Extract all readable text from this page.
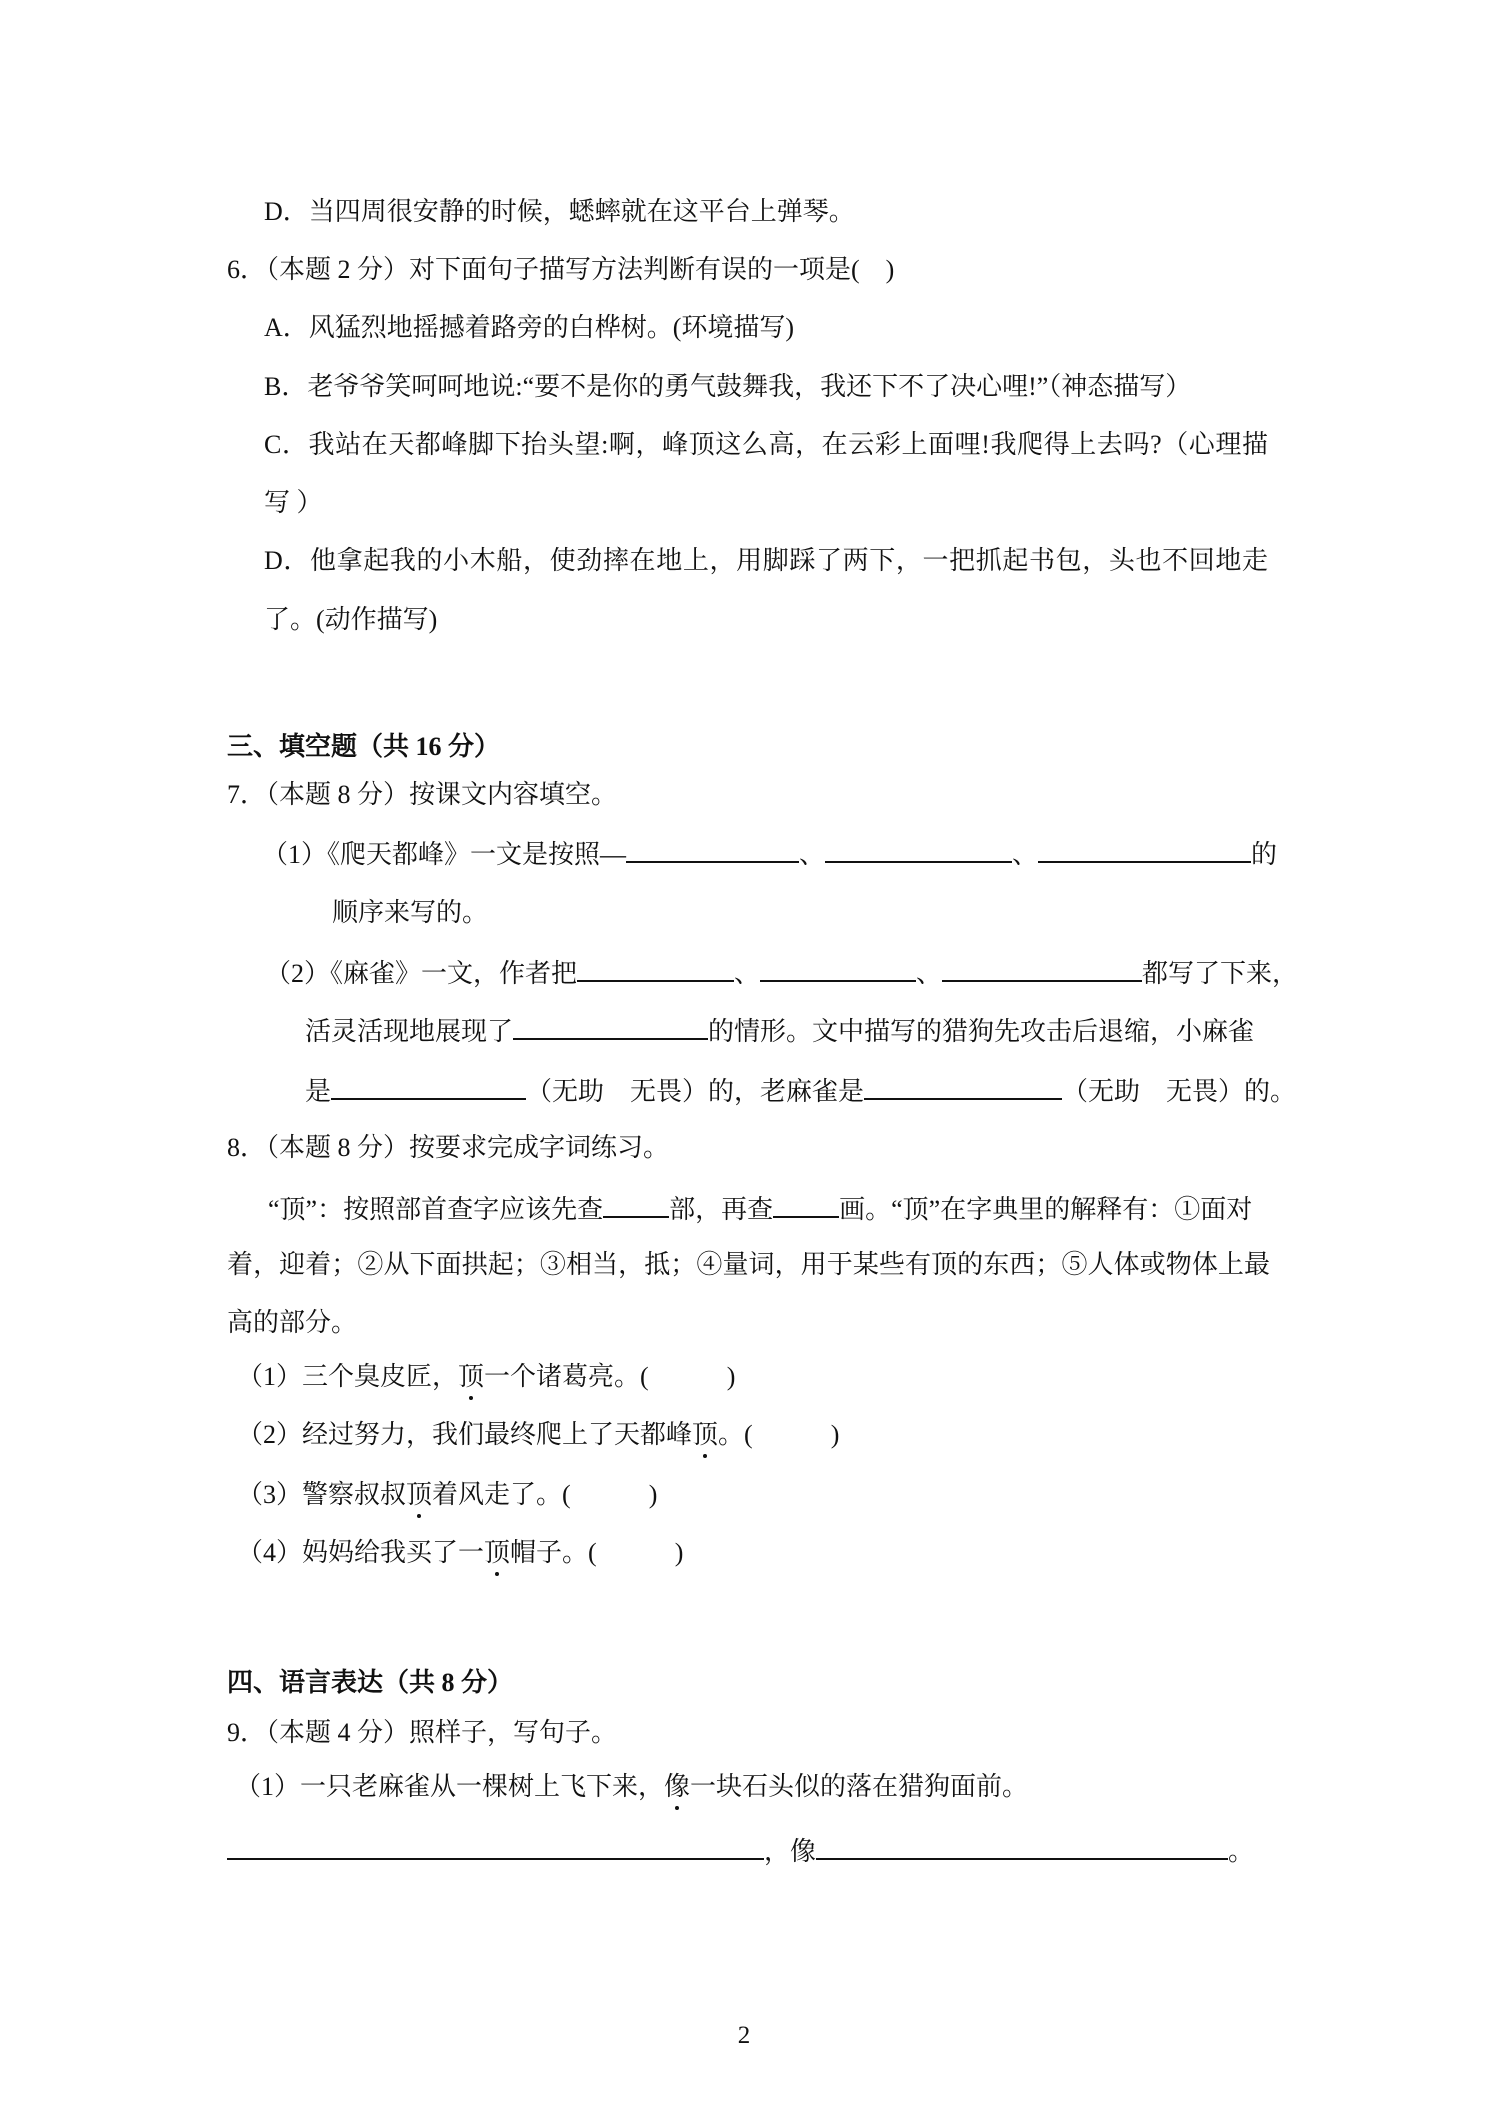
D．当四周很安静的时候，蟋蟀就在这平台上弹琴。
6．（本题 2 分）对下面句子描写方法判断有误的一项是(　)
A．风猛烈地摇撼着路旁的白桦树。(环境描写)
B．老爷爷笑呵呵地说:“要不是你的勇气鼓舞我，我还下不了决心哩!”（神态描写）
C．我站在天都峰脚下抬头望:啊，峰顶这么高，在云彩上面哩!我爬得上去吗?（心理描
写 ）
D．他拿起我的小木船，使劲摔在地上，用脚踩了两下，一把抓起书包，头也不回地走
了。(动作描写)
三、填空题（共 16 分）
7．（本题 8 分）按课文内容填空。
（1）《爬天都峰》一文是按照—	、	、	的
顺序来写的。
（2）《麻雀》一文，作者把	、	、	都写了下来，
活灵活现地展现了	的情形。文中描写的猎狗先攻击后退缩，小麻雀
是	（无助　无畏）的，老麻雀是	（无助　无畏）的。
8．（本题 8 分）按要求完成字词练习。
“顶”：按照部首查字应该先查	部，再查	画。“顶”在字典里的解释有：①面对
着，迎着；②从下面拱起；③相当，抵；④量词，用于某些有顶的东西；⑤人体或物体上最
高的部分。
（1）三个臭皮匠，顶一个诸葛亮。(　　　)
（2）经过努力，我们最终爬上了天都峰顶。(　　　)
（3）警察叔叔顶着风走了。(　　　)
（4）妈妈给我买了一顶帽子。(　　　)
四、语言表达（共 8 分）
9．（本题 4 分）照样子，写句子。
（1）一只老麻雀从一棵树上飞下来，像一块石头似的落在猎狗面前。
，像	。
2
